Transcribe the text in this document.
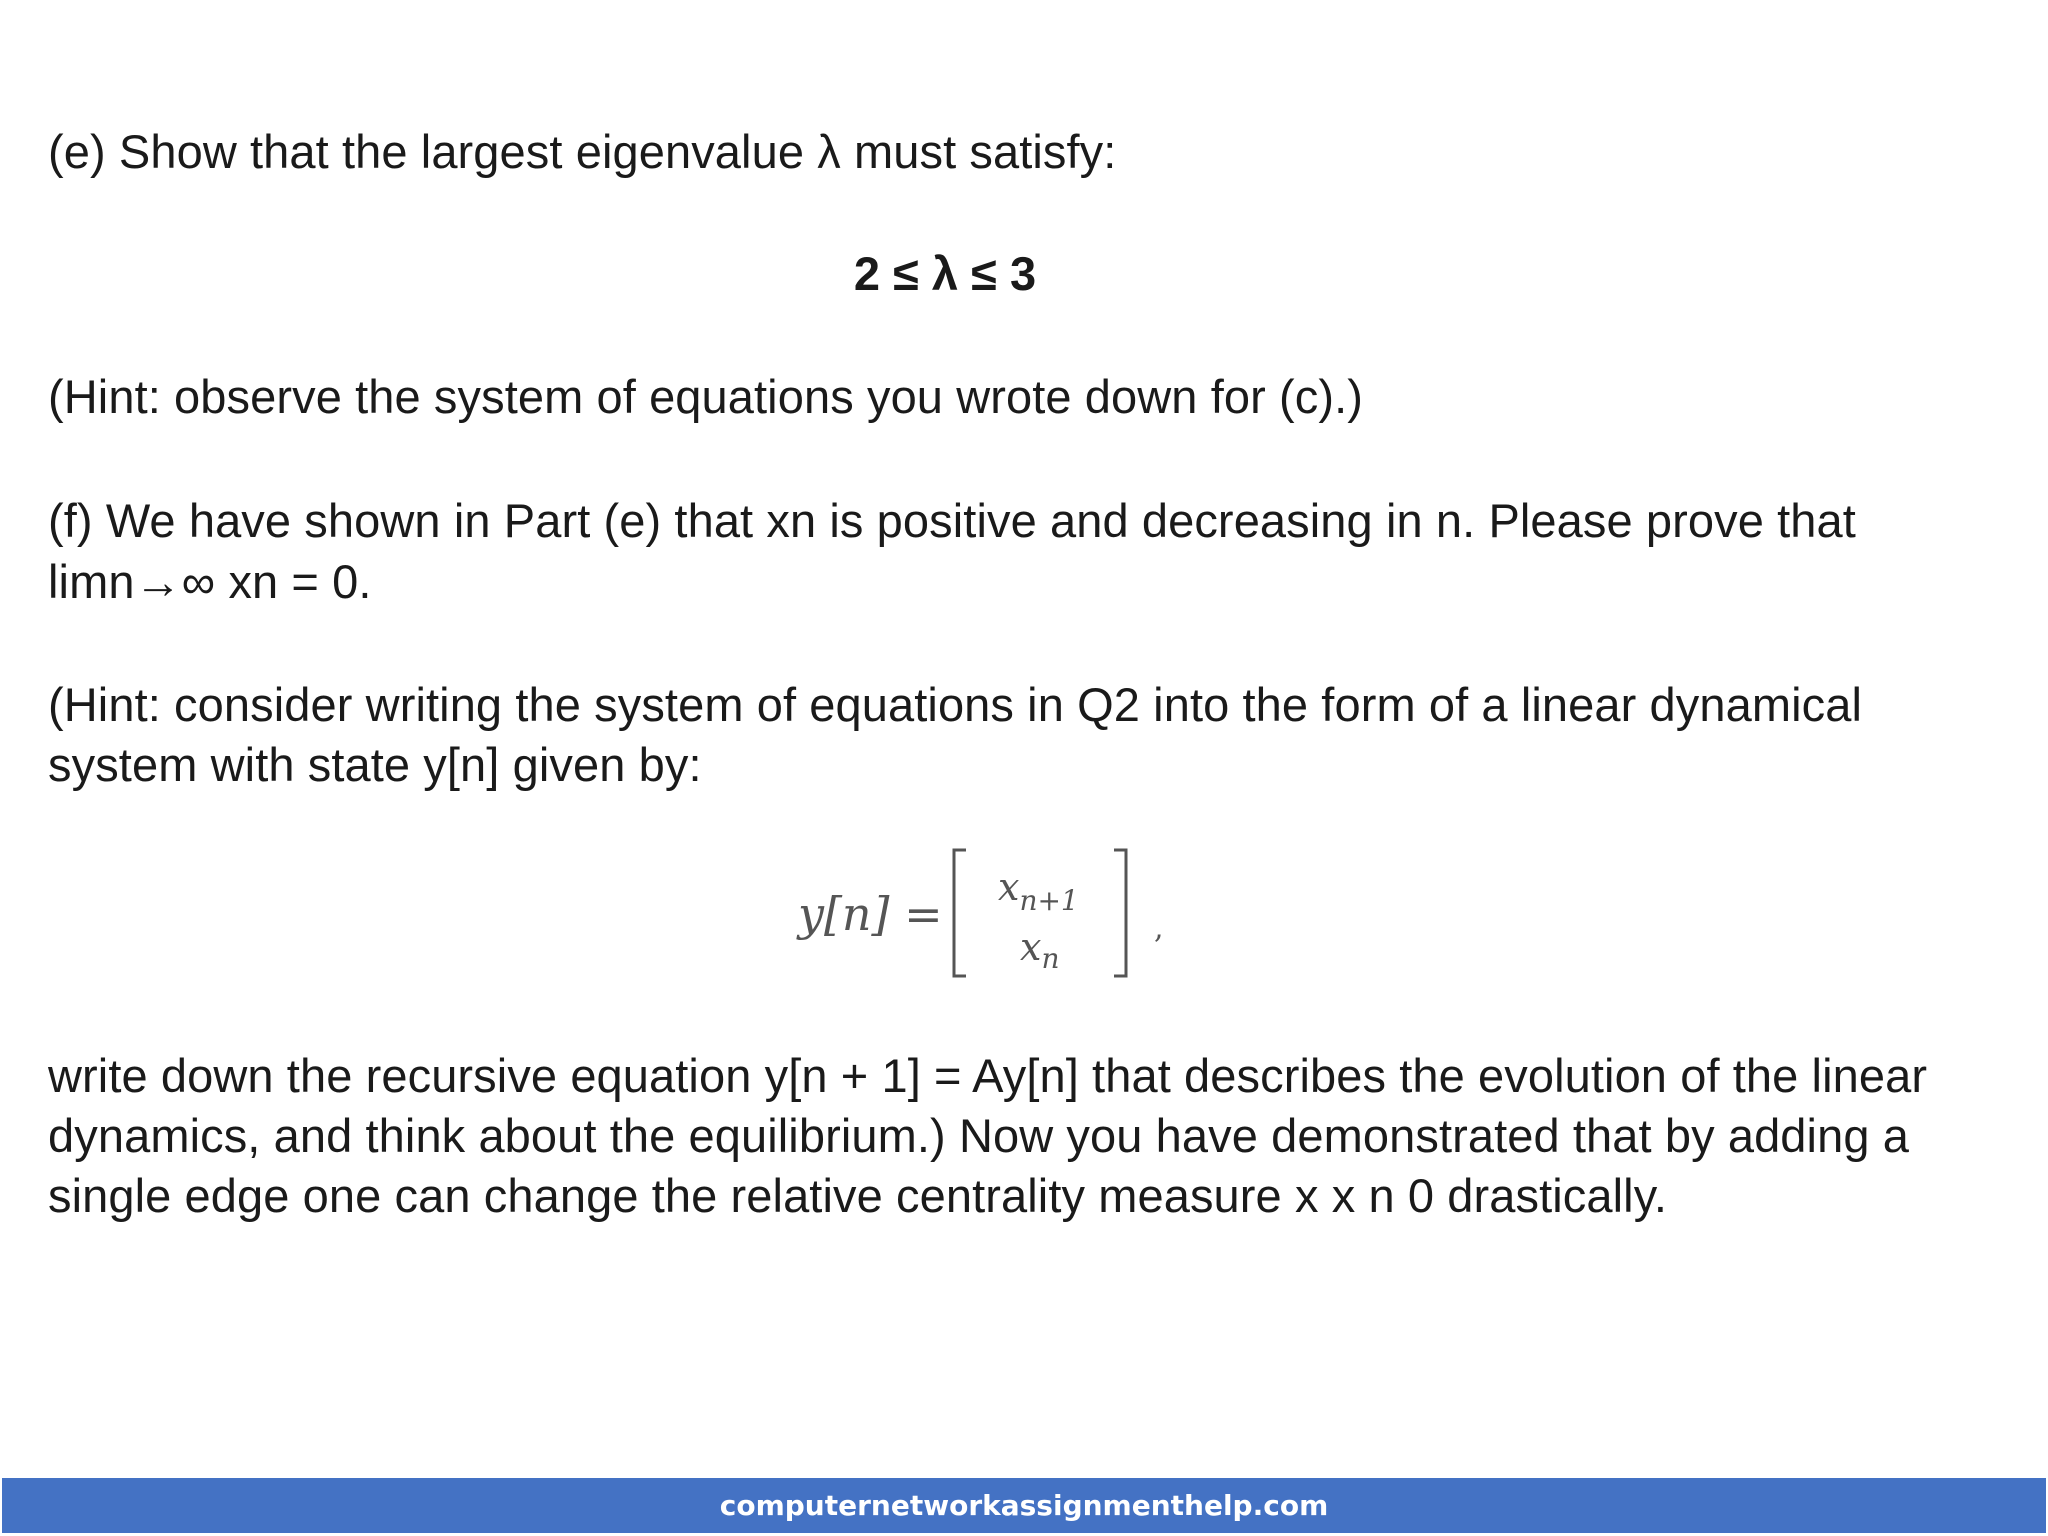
(e) Show that the largest eigenvalue λ must satisfy:
2 ≤ λ ≤ 3
(Hint: observe the system of equations you wrote down for (c).)
(f) We have shown in Part (e) that xn is positive and decreasing in n. Please prove that
limn→∞ xn = 0.
(Hint: consider writing the system of equations in Q2 into the form of a linear dynamical
system with state y[n] given by:
$y[n] = x_{n+1}$
$x_n$
,
write down the recursive equation y[n + 1] = Ay[n] that describes the evolution of the linear
dynamics, and think about the equilibrium.) Now you have demonstrated that by adding a
single edge one can change the relative centrality measure x x n 0 drastically.
computernetworkassignmenthelp.com
